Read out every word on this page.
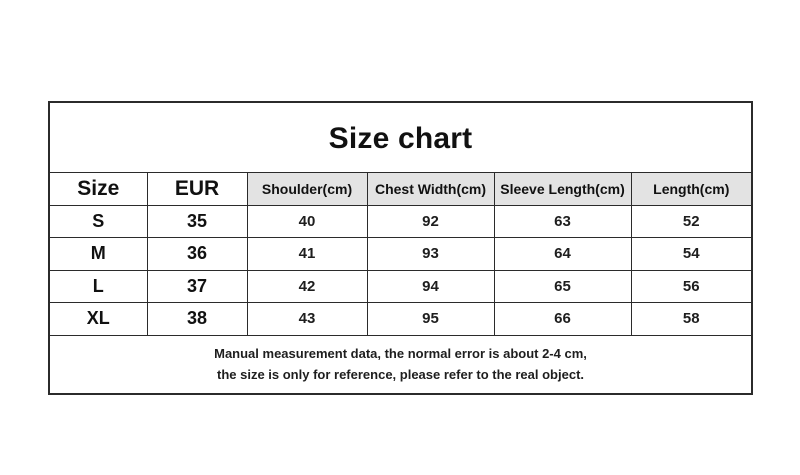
Size chart
Size	EUR	Shoulder(cm)	Chest Width(cm)	Sleeve Length(cm)	Length(cm)
S	35	40	92	63	52
M	36	41	93	64	54
L	37	42	94	65	56
XL	38	43	95	66	58
Manual measurement data, the normal error is about 2-4 cm,
the size is only for reference, please refer to the real object.
